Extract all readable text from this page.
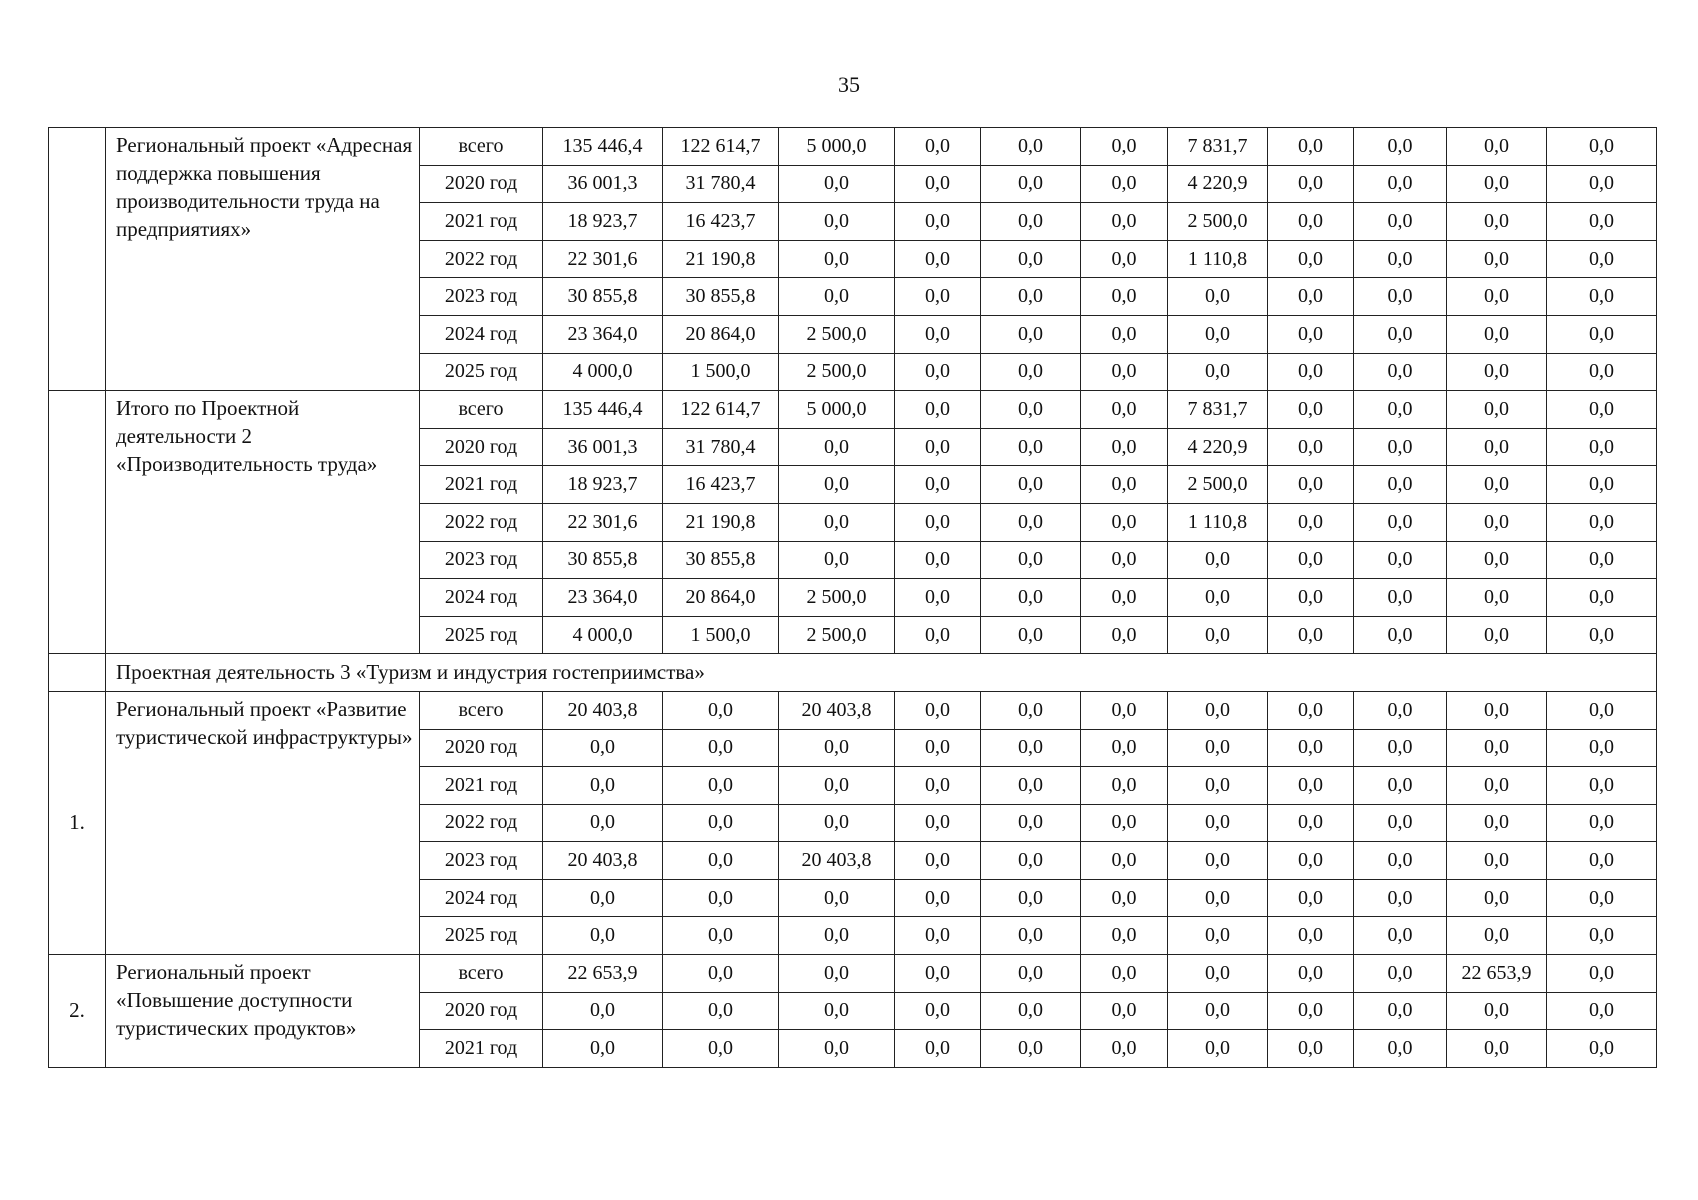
35
	Региональный проект «Адресная поддержка повышения производительности труда на предприятиях»	всего	135 446,4	122 614,7	5 000,0	0,0	0,0	0,0	7 831,7	0,0	0,0	0,0	0,0
		2020 год	36 001,3	31 780,4	0,0	0,0	0,0	0,0	4 220,9	0,0	0,0	0,0	0,0
		2021 год	18 923,7	16 423,7	0,0	0,0	0,0	0,0	2 500,0	0,0	0,0	0,0	0,0
		2022 год	22 301,6	21 190,8	0,0	0,0	0,0	0,0	1 110,8	0,0	0,0	0,0	0,0
		2023 год	30 855,8	30 855,8	0,0	0,0	0,0	0,0	0,0	0,0	0,0	0,0	0,0
		2024 год	23 364,0	20 864,0	2 500,0	0,0	0,0	0,0	0,0	0,0	0,0	0,0	0,0
		2025 год	4 000,0	1 500,0	2 500,0	0,0	0,0	0,0	0,0	0,0	0,0	0,0	0,0
	Итого по Проектной деятельности 2 «Производительность труда»	всего	135 446,4	122 614,7	5 000,0	0,0	0,0	0,0	7 831,7	0,0	0,0	0,0	0,0
		2020 год	36 001,3	31 780,4	0,0	0,0	0,0	0,0	4 220,9	0,0	0,0	0,0	0,0
		2021 год	18 923,7	16 423,7	0,0	0,0	0,0	0,0	2 500,0	0,0	0,0	0,0	0,0
		2022 год	22 301,6	21 190,8	0,0	0,0	0,0	0,0	1 110,8	0,0	0,0	0,0	0,0
		2023 год	30 855,8	30 855,8	0,0	0,0	0,0	0,0	0,0	0,0	0,0	0,0	0,0
		2024 год	23 364,0	20 864,0	2 500,0	0,0	0,0	0,0	0,0	0,0	0,0	0,0	0,0
		2025 год	4 000,0	1 500,0	2 500,0	0,0	0,0	0,0	0,0	0,0	0,0	0,0	0,0
	Проектная деятельность 3 «Туризм и индустрия гостеприимства»												
1.	Региональный проект «Развитие туристической инфраструктуры»	всего	20 403,8	0,0	20 403,8	0,0	0,0	0,0	0,0	0,0	0,0	0,0	0,0
		2020 год	0,0	0,0	0,0	0,0	0,0	0,0	0,0	0,0	0,0	0,0	0,0
		2021 год	0,0	0,0	0,0	0,0	0,0	0,0	0,0	0,0	0,0	0,0	0,0
		2022 год	0,0	0,0	0,0	0,0	0,0	0,0	0,0	0,0	0,0	0,0	0,0
		2023 год	20 403,8	0,0	20 403,8	0,0	0,0	0,0	0,0	0,0	0,0	0,0	0,0
		2024 год	0,0	0,0	0,0	0,0	0,0	0,0	0,0	0,0	0,0	0,0	0,0
		2025 год	0,0	0,0	0,0	0,0	0,0	0,0	0,0	0,0	0,0	0,0	0,0
2.	Региональный проект «Повышение доступности туристических продуктов»	всего	22 653,9	0,0	0,0	0,0	0,0	0,0	0,0	0,0	0,0	22 653,9	0,0
		2020 год	0,0	0,0	0,0	0,0	0,0	0,0	0,0	0,0	0,0	0,0	0,0
		2021 год	0,0	0,0	0,0	0,0	0,0	0,0	0,0	0,0	0,0	0,0	0,0
